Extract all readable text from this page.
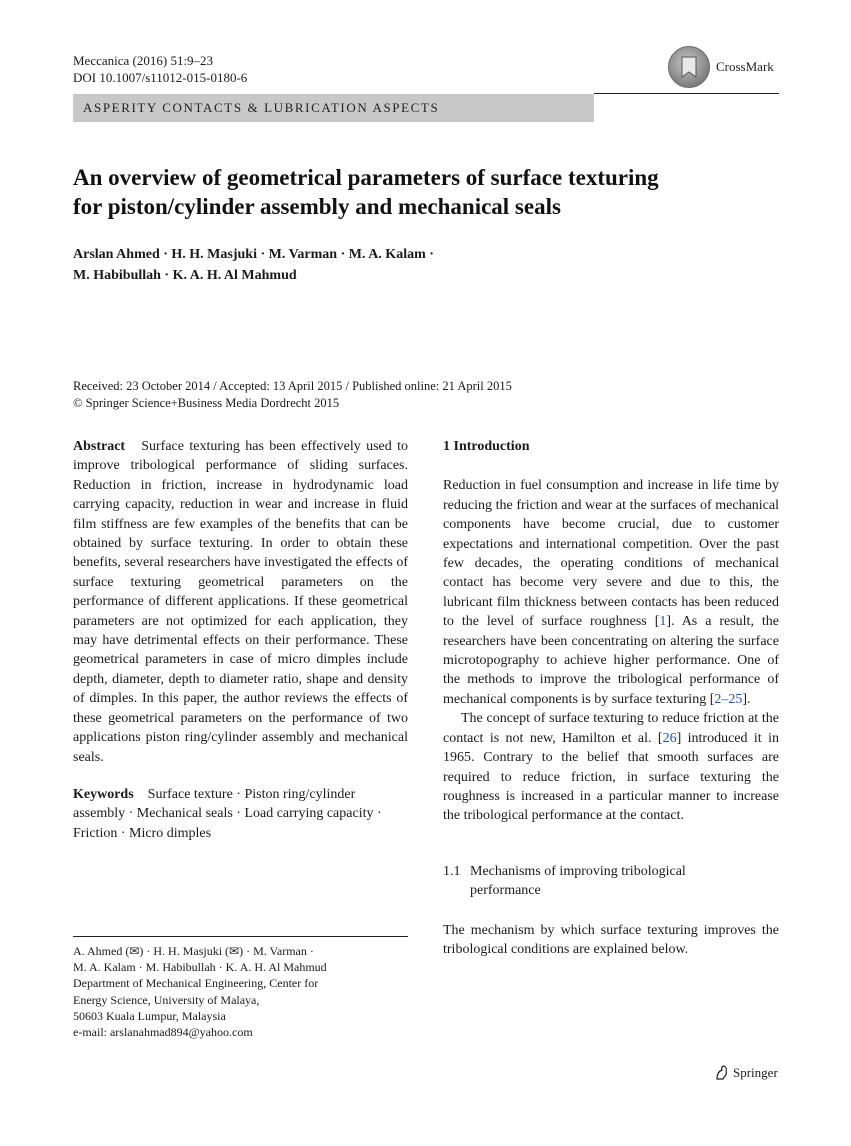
Meccanica (2016) 51:9–23
DOI 10.1007/s11012-015-0180-6
CrossMark
ASPERITY CONTACTS & LUBRICATION ASPECTS
An overview of geometrical parameters of surface texturing
for piston/cylinder assembly and mechanical seals
Arslan Ahmed · H. H. Masjuki · M. Varman · M. A. Kalam ·
M. Habibullah · K. A. H. Al Mahmud
Received: 23 October 2014 / Accepted: 13 April 2015 / Published online: 21 April 2015
© Springer Science+Business Media Dordrecht 2015
Abstract Surface texturing has been effectively used to improve tribological performance of sliding surfaces. Reduction in friction, increase in hydrodynamic load carrying capacity, reduction in wear and increase in fluid film stiffness are few examples of the benefits that can be obtained by surface texturing. In order to obtain these benefits, several researchers have investigated the effects of surface texturing geometrical parameters on the performance of different applications. If these geometrical parameters are not optimized for each application, they may have detrimental effects on their performance. These geometrical parameters in case of micro dimples include depth, diameter, depth to diameter ratio, shape and density of dimples. In this paper, the author reviews the effects of these geometrical parameters on the performance of two applications piston ring/cylinder assembly and mechanical seals.
Keywords Surface texture · Piston ring/cylinder assembly · Mechanical seals · Load carrying capacity · Friction · Micro dimples
A. Ahmed (✉) · H. H. Masjuki (✉) · M. Varman ·
M. A. Kalam · M. Habibullah · K. A. H. Al Mahmud
Department of Mechanical Engineering, Center for
Energy Science, University of Malaya,
50603 Kuala Lumpur, Malaysia
e-mail: arslanahmad894@yahoo.com

1 Introduction

Reduction in fuel consumption and increase in life time by reducing the friction and wear at the surfaces of mechanical components have become crucial, due to customer expectations and international competition. Over the past few decades, the operating conditions of mechanical contact has become very severe and due to this, the lubricant film thickness between contacts has been reduced to the level of surface roughness [1]. As a result, the researchers have been concentrating on altering the surface microtopography to achieve higher performance. One of the methods to improve the tribological performance of mechanical components is by surface texturing [2–25].

The concept of surface texturing to reduce friction at the contact is not new, Hamilton et al. [26] introduced it in 1965. Contrary to the belief that smooth surfaces are required to reduce friction, in surface texturing the roughness is increased in a particular manner to increase the tribological performance at the contact.

1.1 Mechanisms of improving tribological
performance

The mechanism by which surface texturing improves the tribological conditions are explained below.

Springer
